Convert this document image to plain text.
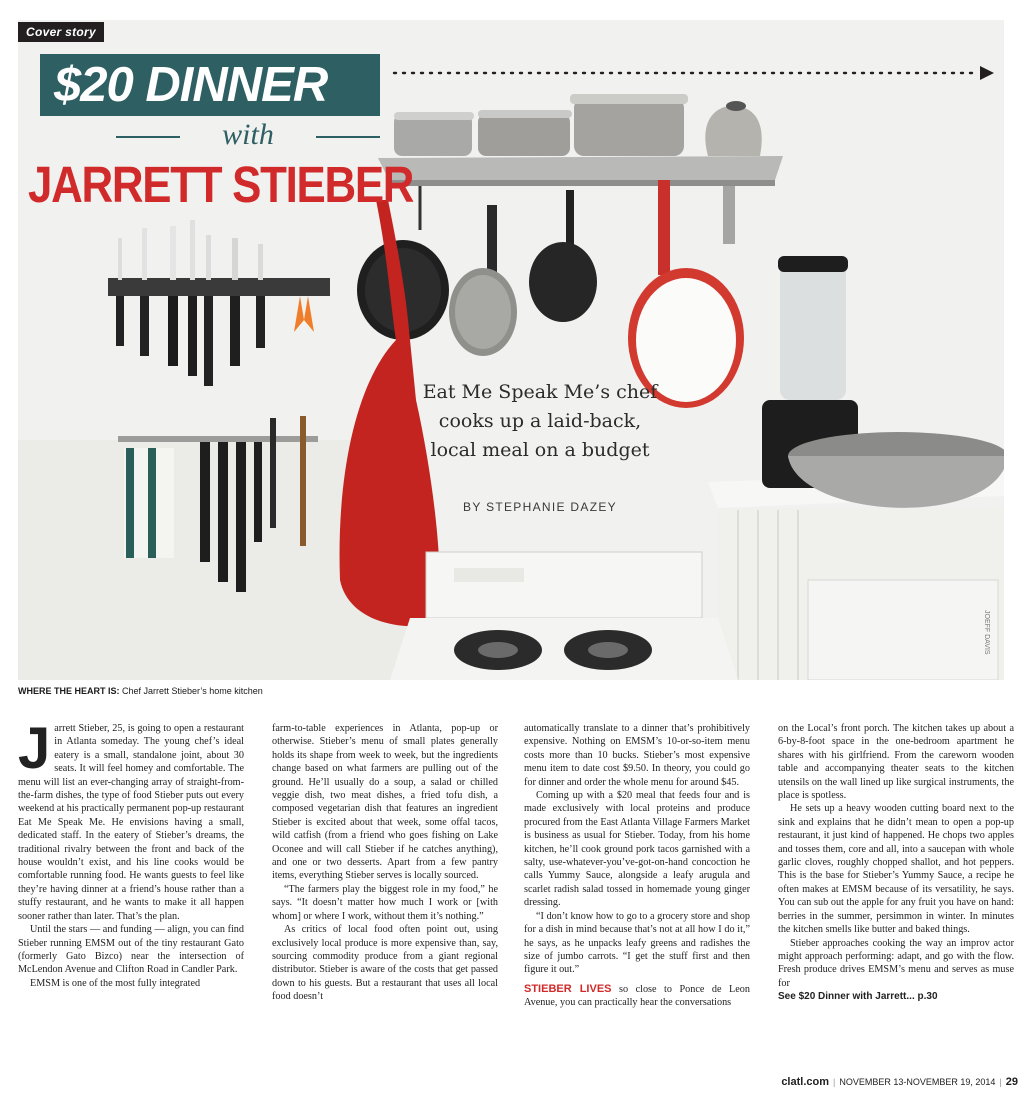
Cover story
$20 DINNER
with
JARRETT STIEBER
Eat Me Speak Me’s chef cooks up a laid-back, local meal on a budget
BY STEPHANIE DAZEY
JOEFF DAVIS
WHERE THE HEART IS: Chef Jarrett Stieber’s home kitchen

Jarrett Stieber, 25, is going to open a restaurant in Atlanta someday. The young chef’s ideal eatery is a small, standalone joint, about 30 seats. It will feel homey and comfortable. The menu will list an ever-changing array of straight-from-the-farm dishes, the type of food Stieber puts out every weekend at his practically permanent pop-up restaurant Eat Me Speak Me. He envisions having a small, dedicated staff. In the eatery of Stieber’s dreams, the traditional rivalry between the front and back of the house wouldn’t exist, and his line cooks would be comfortable running food. He wants guests to feel like they’re having dinner at a friend’s house rather than a stuffy restaurant, and he wants to make it all happen sooner rather than later. That’s the plan.

Until the stars — and funding — align, you can find Stieber running EMSM out of the tiny restaurant Gato (formerly Gato Bizco) near the intersection of McLendon Avenue and Clifton Road in Candler Park.

EMSM is one of the most fully integrated

farm-to-table experiences in Atlanta, pop-up or otherwise. Stieber’s menu of small plates generally holds its shape from week to week, but the ingredients change based on what farmers are pulling out of the ground. He’ll usually do a soup, a salad or chilled veggie dish, two meat dishes, a fried tofu dish, a composed vegetarian dish that features an ingredient Stieber is excited about that week, some offal tacos, wild catfish (from a friend who goes fishing on Lake Oconee and will call Stieber if he catches anything), and one or two desserts. Apart from a few pantry items, everything Stieber serves is locally sourced.

“The farmers play the biggest role in my food,” he says. “It doesn’t matter how much I work or [with whom] or where I work, without them it’s nothing.”

As critics of local food often point out, using exclusively local produce is more expensive than, say, sourcing commodity produce from a giant regional distributor. Stieber is aware of the costs that get passed down to his guests. But a restaurant that uses all local food doesn’t

automatically translate to a dinner that’s prohibitively expensive. Nothing on EMSM’s 10-or-so-item menu costs more than 10 bucks. Stieber’s most expensive menu item to date cost $9.50. In theory, you could go for dinner and order the whole menu for around $45.

Coming up with a $20 meal that feeds four and is made exclusively with local proteins and produce procured from the East Atlanta Village Farmers Market is business as usual for Stieber. Today, from his home kitchen, he’ll cook ground pork tacos garnished with a salty, use-whatever-you’ve-got-on-hand concoction he calls Yummy Sauce, alongside a leafy arugula and scarlet radish salad tossed in homemade young ginger dressing.

“I don’t know how to go to a grocery store and shop for a dish in mind because that’s not at all how I do it,” he says, as he unpacks leafy greens and radishes the size of jumbo carrots. “I get the stuff first and then figure it out.”

STIEBER LIVES so close to Ponce de Leon Avenue, you can practically hear the conversations

on the Local’s front porch. The kitchen takes up about a 6-by-8-foot space in the one-bedroom apartment he shares with his girlfriend. From the careworn wooden table and accompanying theater seats to the kitchen utensils on the wall lined up like surgical instruments, the place is spotless.

He sets up a heavy wooden cutting board next to the sink and explains that he didn’t mean to open a pop-up restaurant, it just kind of happened. He chops two apples and tosses them, core and all, into a saucepan with whole garlic cloves, roughly chopped shallot, and hot peppers. This is the base for Stieber’s Yummy Sauce, a recipe he often makes at EMSM because of its versatility, he says. You can sub out the apple for any fruit you have on hand: berries in the summer, persimmon in winter. In minutes the kitchen smells like butter and baked things.

Stieber approaches cooking the way an improv actor might approach performing: adapt, and go with the flow. Fresh produce drives EMSM’s menu and serves as muse for

See $20 Dinner with Jarrett... p.30

clatl.com | NOVEMBER 13-NOVEMBER 19, 2014 | 29
